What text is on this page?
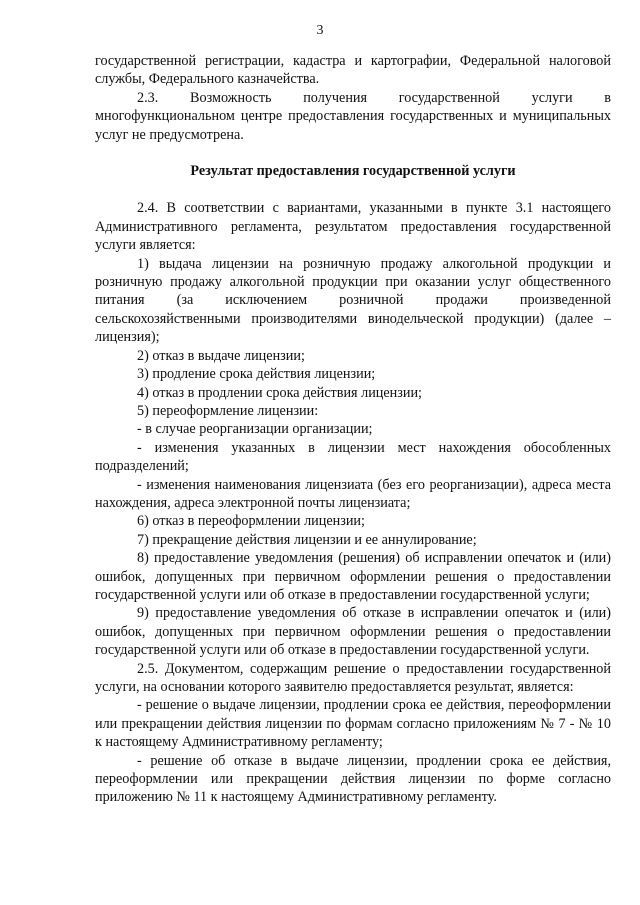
3

государственной регистрации, кадастра и картографии, Федеральной налоговой службы, Федерального казначейства.

2.3. Возможность получения государственной услуги в многофункциональном центре предоставления государственных и муниципальных услуг не предусмотрена.

Результат предоставления государственной услуги

2.4. В соответствии с вариантами, указанными в пункте 3.1 настоящего Административного регламента, результатом предоставления государственной услуги является:

1) выдача лицензии на розничную продажу алкогольной продукции и розничную продажу алкогольной продукции при оказании услуг общественного питания (за исключением розничной продажи произведенной сельскохозяйственными производителями винодельческой продукции) (далее – лицензия);

2) отказ в выдаче лицензии;

3) продление срока действия лицензии;

4) отказ в продлении срока действия лицензии;

5) переоформление лицензии:

- в случае реорганизации организации;

- изменения указанных в лицензии мест нахождения обособленных подразделений;

- изменения наименования лицензиата (без его реорганизации), адреса места нахождения, адреса электронной почты лицензиата;

6) отказ в переоформлении лицензии;

7) прекращение действия лицензии и ее аннулирование;

8) предоставление уведомления (решения) об исправлении опечаток и (или) ошибок, допущенных при первичном оформлении решения о предоставлении государственной услуги или об отказе в предоставлении государственной услуги;

9) предоставление уведомления об отказе в исправлении опечаток и (или) ошибок, допущенных при первичном оформлении решения о предоставлении государственной услуги или об отказе в предоставлении государственной услуги.

2.5. Документом, содержащим решение о предоставлении государственной услуги, на основании которого заявителю предоставляется результат, является:

- решение о выдаче лицензии, продлении срока ее действия, переоформлении или прекращении действия лицензии по формам согласно приложениям № 7 - № 10 к настоящему Административному регламенту;

- решение об отказе в выдаче лицензии, продлении срока ее действия, переоформлении или прекращении действия лицензии по форме согласно приложению № 11 к настоящему Административному регламенту.
